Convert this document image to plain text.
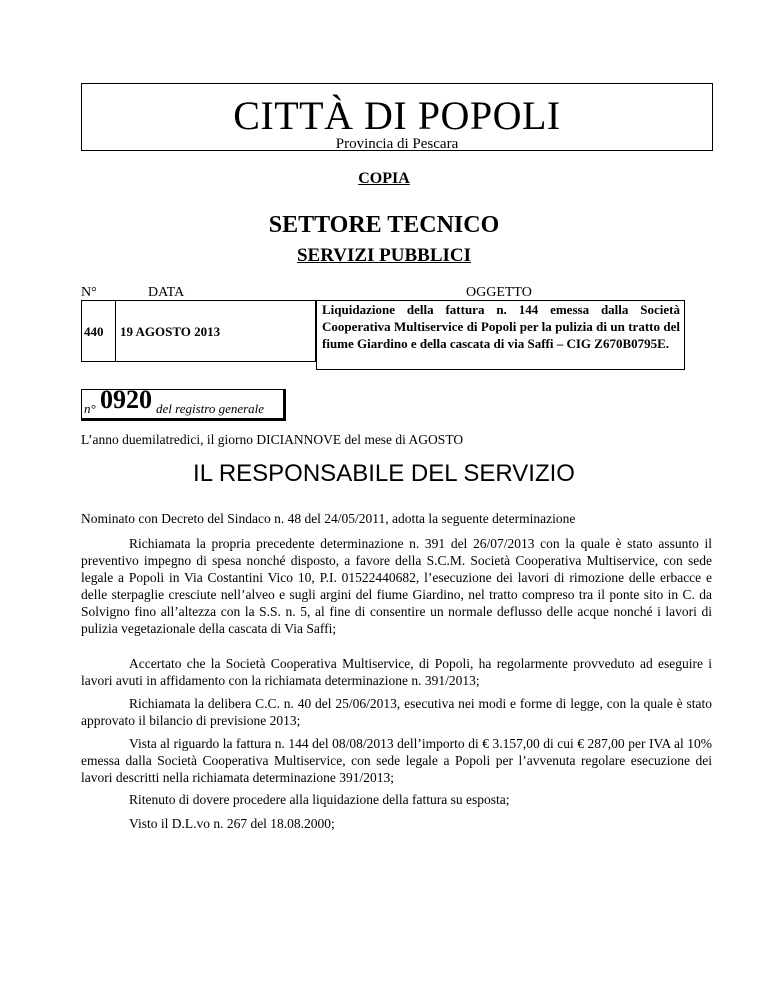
CITTÀ DI POPOLI
Provincia di Pescara
COPIA
SETTORE TECNICO
SERVIZI PUBBLICI
N°	DATA	OGGETTO
440 19 AGOSTO 2013
Liquidazione della fattura n. 144 emessa dalla Società Cooperativa Multiservice di Popoli per la pulizia di un tratto del fiume Giardino e della cascata di via Saffi – CIG Z670B0795E.
n° 0920 del registro generale
L’anno duemilatredici, il giorno DICIANNOVE del mese di AGOSTO
IL RESPONSABILE DEL SERVIZIO
Nominato con Decreto del Sindaco n. 48 del 24/05/2011, adotta la seguente determinazione
Richiamata la propria precedente determinazione n. 391 del 26/07/2013 con la quale è stato assunto il preventivo impegno di spesa nonché disposto, a favore della S.C.M. Società Cooperativa Multiservice, con sede legale a Popoli in Via Costantini Vico 10, P.I. 01522440682, l’esecuzione dei lavori di rimozione delle erbacce e delle sterpaglie cresciute nell’alveo e sugli argini del fiume Giardino, nel tratto compreso tra il ponte sito in C. da Solvigno fino all’altezza con la S.S. n. 5, al fine di consentire un normale deflusso delle acque nonché i lavori di pulizia vegetazionale della cascata di Via Saffi;
Accertato che la Società Cooperativa Multiservice, di Popoli, ha regolarmente provveduto ad eseguire i lavori avuti in affidamento con la richiamata determinazione n. 391/2013;
Richiamata la delibera C.C. n. 40 del 25/06/2013, esecutiva nei modi e forme di legge, con la quale è stato approvato il bilancio di previsione 2013;
Vista al riguardo la fattura n. 144 del 08/08/2013 dell’importo di € 3.157,00 di cui € 287,00 per IVA al 10% emessa dalla Società Cooperativa Multiservice, con sede legale a Popoli per l’avvenuta regolare esecuzione dei lavori descritti nella richiamata determinazione 391/2013;
Ritenuto di dovere procedere alla liquidazione della fattura su esposta;
Visto il D.L.vo n. 267 del 18.08.2000;
